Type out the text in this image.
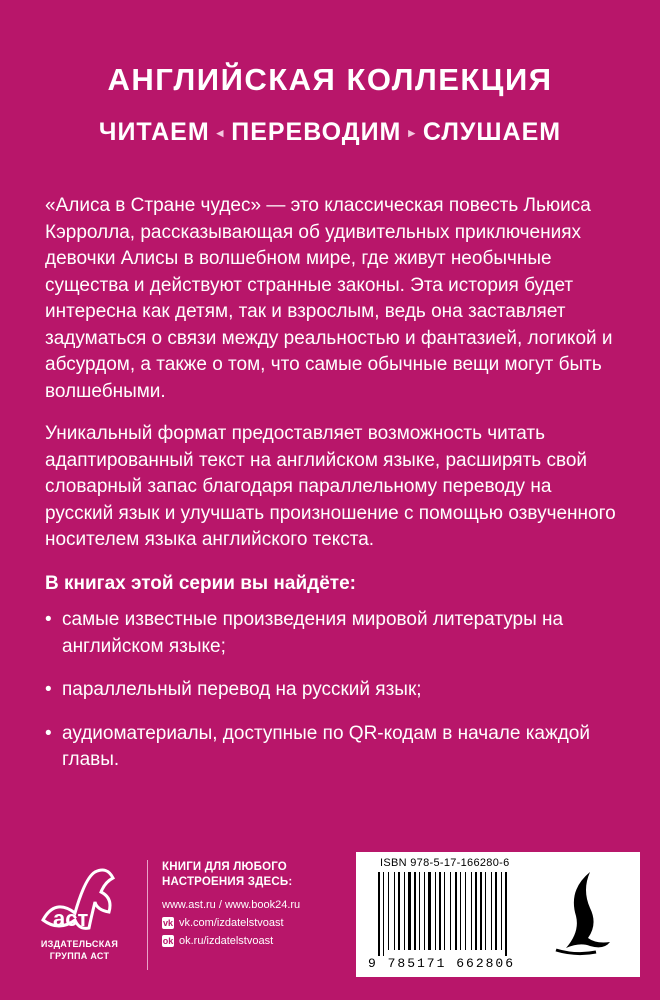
АНГЛИЙСКАЯ КОЛЛЕКЦИЯ
ЧИТАЕМ ◂ ПЕРЕВОДИМ ▸ СЛУШАЕМ
«Алиса в Стране чудес» — это классическая повесть Льюиса Кэрролла, рассказывающая об удивительных приключениях девочки Алисы в волшебном мире, где живут необычные существа и действуют странные законы. Эта история будет интересна как детям, так и взрослым, ведь она заставляет задуматься о связи между реальностью и фантазией, логикой и абсурдом, а также о том, что самые обычные вещи могут быть волшебными.
Уникальный формат предоставляет возможность читать адаптированный текст на английском языке, расширять свой словарный запас благодаря параллельному переводу на русский язык и улучшать произношение с помощью озвученного носителем языка английского текста.
В книгах этой серии вы найдёте:
• самые известные произведения мировой литературы на английском языке;
• параллельный перевод на русский язык;
• аудиоматериалы, доступные по QR-кодам в начале каждой главы.
аст
ИЗДАТЕЛЬСКАЯ ГРУППА АСТ
КНИГИ ДЛЯ ЛЮБОГО НАСТРОЕНИЯ ЗДЕСЬ:
www.ast.ru / www.book24.ru
vk vk.com/izdatelstvoast
ok ok.ru/izdatelstvoast
ISBN 978-5-17-166280-6
9 785171 662806
